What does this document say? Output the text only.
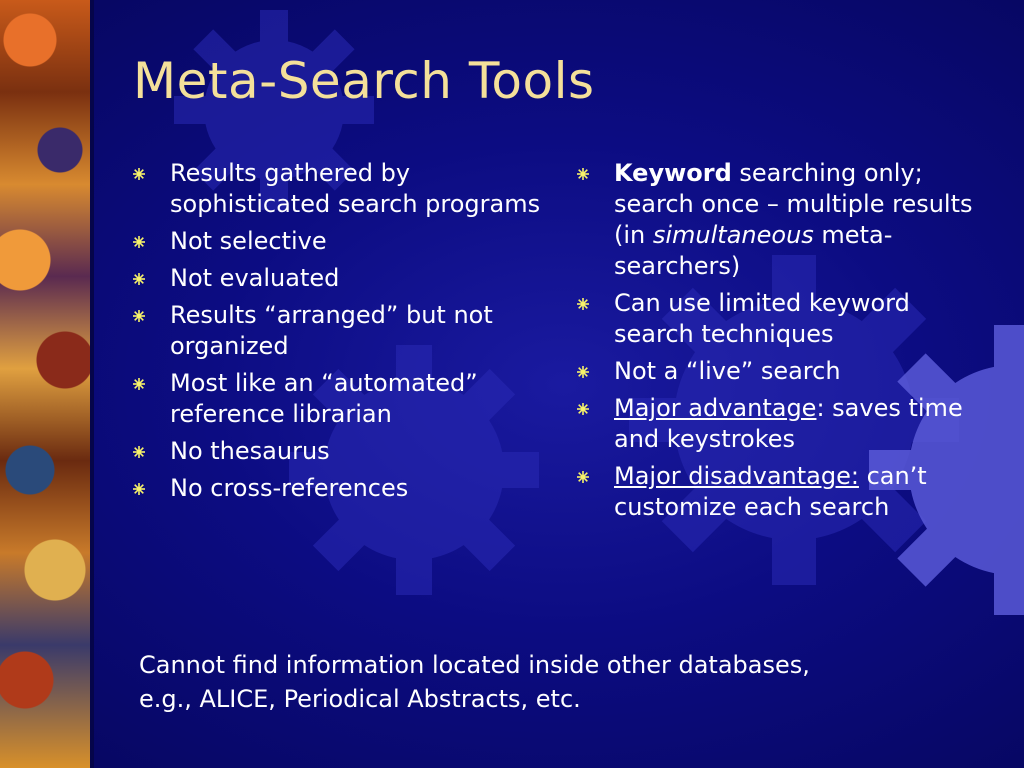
Meta-Search Tools
Results gathered by sophisticated search programs
Not selective
Not evaluated
Results “arranged” but not organized
Most like an “automated” reference librarian
No thesaurus
No cross-references
Keyword searching only; search once – multiple results (in simultaneous meta-searchers)
Can use limited keyword search techniques
Not a “live” search
Major advantage: saves time and keystrokes
Major disadvantage: can’t customize each search
Cannot find information located inside other databases,
e.g., ALICE, Periodical Abstracts, etc.
